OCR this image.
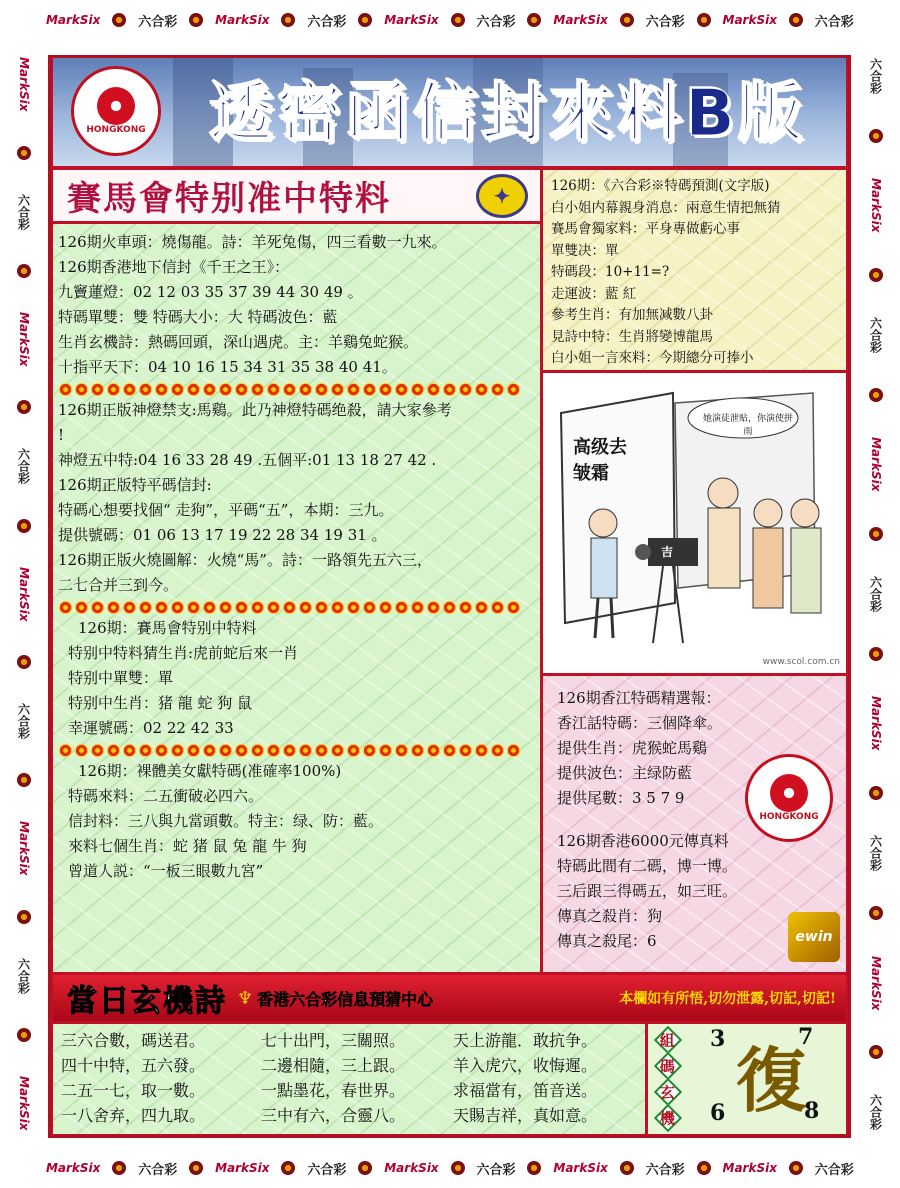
MarkSix	六合彩	MarkSix	六合彩	MarkSix	六合彩	MarkSix	六合彩	MarkSix	六合彩
MarkSix	六合彩	MarkSix	六合彩	MarkSix	六合彩	MarkSix	六合彩	MarkSix	六合彩
MarkSix
六合彩
MarkSix
六合彩
MarkSix
六合彩
MarkSix
六合彩
MarkSix
六合彩
MarkSix
六合彩
MarkSix
六合彩
MarkSix
六合彩
MarkSix
六合彩
HONGKONG 透密函信封來料B版
賽馬會特别准中特料	✦
126期火車頭：燒傷龍。詩：羊死兔傷，四三看數一九來。
126期香港地下信封《千王之王》：
九竇蓮燈：02 12 03 35 37 39 44 30 49 。
特碼單雙：雙 特碼大小：大 特碼波色：藍
生肖玄機詩：熱碼回頭，深山遇虎。主：羊鷄兔蛇猴。
十指平天下：04 10 16 15 34 31 35 38 40 41。
126期正版神燈禁支:馬鷄。此乃神燈特碼绝殺，請大家參考
!
神燈五中特:04 16 33 28 49 .五個平:01 13 18 27 42 .
126期正版特平碼信封:
特碼心想要找個“ 走狗”，平碼“五”，本期：三九。
提供號碼：01 06 13 17 19 22 28 34 19 31 。
126期正版火燒圖解：火燒“馬”。詩：一路領先五六三，
二七合并三到今。
126期：賽馬會特别中特料
特别中特料猜生肖:虎前蛇后來一肖
特别中單雙：單
特别中生肖：猪 龍 蛇 狗 鼠
幸運號碼：02 22 42 33
126期：裸體美女獻特碼(准確率100%)
特碼來料：二五衝破必四六。
信封料：三八與九當頭數。特主：绿、防：藍。
來料七個生肖：蛇 猪 鼠 兔 龍 牛 狗
曾道人説：“一板三眼數九宮”
126期：《六合彩※特碼預測(文字版)
白小姐内幕親身消息：兩意生情把無猜
賽馬會獨家料：平身專做虧心事
單雙决：單
特碼段：10+11=?
走運波：藍 紅
參考生肖：有加無减數八卦
見詩中特：生肖將變博龍馬
白小姐一言來料：今期總分可捧小
高级去皱霜
她演徒泄贴，你演使拼雨
吉
www.scol.com.cn
126期香江特碼精選報：
香江話特碼：三個降傘。
提供生肖：虎猴蛇馬鷄
提供波色：主绿防藍
提供尾數：3 5 7 9
126期香港6000元傳真料
特碼此間有二碼，博一博。
三后跟三得碼五，如三旺。
傳真之殺肖：狗
傳真之殺尾：6
HONGKONG
ewin
當日玄機詩 ♆ 香港六合彩信息預猜中心	本欄如有所悟,切勿泄露,切記,切記!
三六合數，碼送君。	七十出門，三關照。	天上游龍．敢抗争。
四十中特，五六發。	二邊相隨，三上跟。	羊入虎穴，收悔遲。
二五一七，取一數。	一點墨花，春世界。	求福當有，笛音送。
一八舍弃，四九取。	三中有六，合靈八。	天賜吉祥，真如意。
組
碼
玄
機 復
3	7
6	8
